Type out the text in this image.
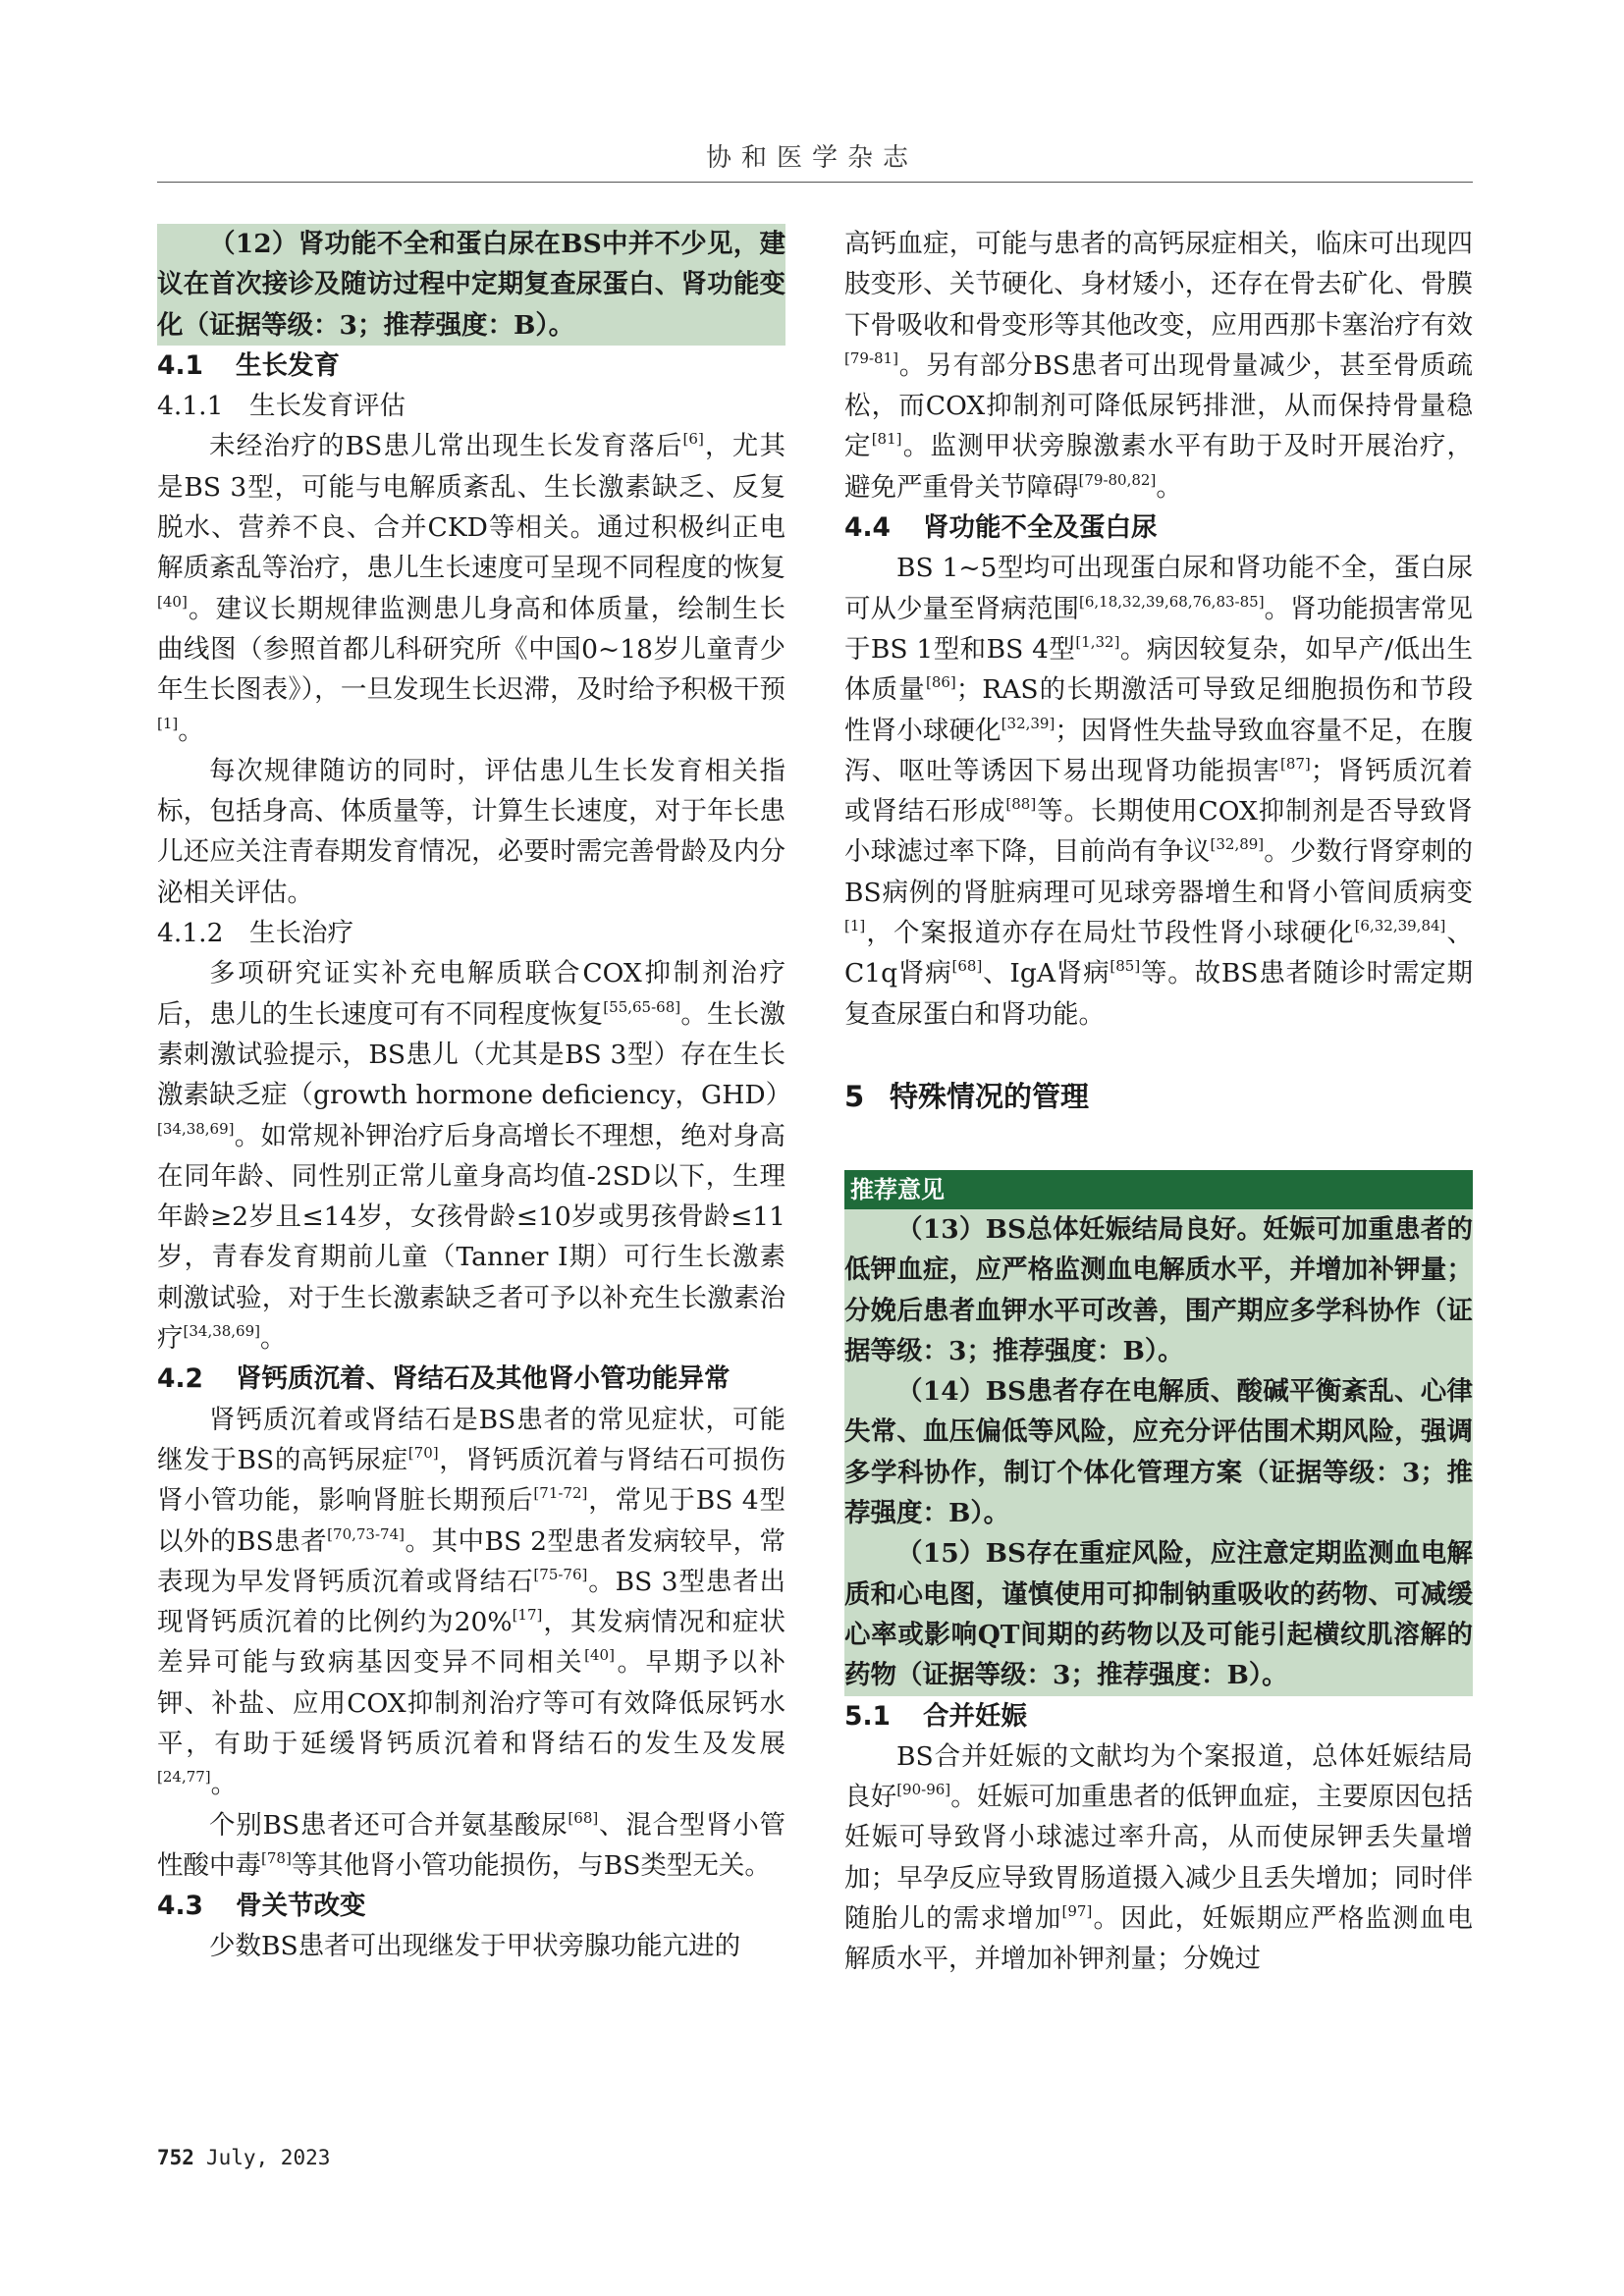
协和医学杂志

（12）肾功能不全和蛋白尿在BS中并不少见，建议在首次接诊及随访过程中定期复查尿蛋白、肾功能变化（证据等级：3；推荐强度：B）。

4.1 生长发育
4.1.1 生长发育评估

未经治疗的BS患儿常出现生长发育落后[6]，尤其是BS 3型，可能与电解质紊乱、生长激素缺乏、反复脱水、营养不良、合并CKD等相关。通过积极纠正电解质紊乱等治疗，患儿生长速度可呈现不同程度的恢复[40]。建议长期规律监测患儿身高和体质量，绘制生长曲线图（参照首都儿科研究所《中国0~18岁儿童青少年生长图表》），一旦发现生长迟滞，及时给予积极干预[1]。

每次规律随访的同时，评估患儿生长发育相关指标，包括身高、体质量等，计算生长速度，对于年长患儿还应关注青春期发育情况，必要时需完善骨龄及内分泌相关评估。

4.1.2 生长治疗

多项研究证实补充电解质联合COX抑制剂治疗后，患儿的生长速度可有不同程度恢复[55,65-68]。生长激素刺激试验提示，BS患儿（尤其是BS 3型）存在生长激素缺乏症（growth hormone deficiency，GHD）[34,38,69]。如常规补钾治疗后身高增长不理想，绝对身高在同年龄、同性别正常儿童身高均值-2SD以下，生理年龄≥2岁且≤14岁，女孩骨龄≤10岁或男孩骨龄≤11岁，青春发育期前儿童（Tanner Ⅰ期）可行生长激素刺激试验，对于生长激素缺乏者可予以补充生长激素治疗[34,38,69]。

4.2 肾钙质沉着、肾结石及其他肾小管功能异常

肾钙质沉着或肾结石是BS患者的常见症状，可能继发于BS的高钙尿症[70]，肾钙质沉着与肾结石可损伤肾小管功能，影响肾脏长期预后[71-72]，常见于BS 4型以外的BS患者[70,73-74]。其中BS 2型患者发病较早，常表现为早发肾钙质沉着或肾结石[75-76]。BS 3型患者出现肾钙质沉着的比例约为20%[17]，其发病情况和症状差异可能与致病基因变异不同相关[40]。早期予以补钾、补盐、应用COX抑制剂治疗等可有效降低尿钙水平，有助于延缓肾钙质沉着和肾结石的发生及发展[24,77]。

个别BS患者还可合并氨基酸尿[68]、混合型肾小管性酸中毒[78]等其他肾小管功能损伤，与BS类型无关。

4.3 骨关节改变

少数BS患者可出现继发于甲状旁腺功能亢进的

高钙血症，可能与患者的高钙尿症相关，临床可出现四肢变形、关节硬化、身材矮小，还存在骨去矿化、骨膜下骨吸收和骨变形等其他改变，应用西那卡塞治疗有效[79-81]。另有部分BS患者可出现骨量减少，甚至骨质疏松，而COX抑制剂可降低尿钙排泄，从而保持骨量稳定[81]。监测甲状旁腺激素水平有助于及时开展治疗，避免严重骨关节障碍[79-80,82]。

4.4 肾功能不全及蛋白尿

BS 1~5型均可出现蛋白尿和肾功能不全，蛋白尿可从少量至肾病范围[6,18,32,39,68,76,83-85]。肾功能损害常见于BS 1型和BS 4型[1,32]。病因较复杂，如早产/低出生体质量[86]；RAS的长期激活可导致足细胞损伤和节段性肾小球硬化[32,39]；因肾性失盐导致血容量不足，在腹泻、呕吐等诱因下易出现肾功能损害[87]；肾钙质沉着或肾结石形成[88]等。长期使用COX抑制剂是否导致肾小球滤过率下降，目前尚有争议[32,89]。少数行肾穿刺的BS病例的肾脏病理可见球旁器增生和肾小管间质病变[1]，个案报道亦存在局灶节段性肾小球硬化[6,32,39,84]、C1q肾病[68]、IgA肾病[85]等。故BS患者随诊时需定期复查尿蛋白和肾功能。

5 特殊情况的管理
推荐意见

（13）BS总体妊娠结局良好。妊娠可加重患者的低钾血症，应严格监测血电解质水平，并增加补钾量；分娩后患者血钾水平可改善，围产期应多学科协作（证据等级：3；推荐强度：B）。

（14）BS患者存在电解质、酸碱平衡紊乱、心律失常、血压偏低等风险，应充分评估围术期风险，强调多学科协作，制订个体化管理方案（证据等级：3；推荐强度：B）。

（15）BS存在重症风险，应注意定期监测血电解质和心电图，谨慎使用可抑制钠重吸收的药物、可减缓心率或影响QT间期的药物以及可能引起横纹肌溶解的药物（证据等级：3；推荐强度：B）。

5.1 合并妊娠

BS合并妊娠的文献均为个案报道，总体妊娠结局良好[90-96]。妊娠可加重患者的低钾血症，主要原因包括妊娠可导致肾小球滤过率升高，从而使尿钾丢失量增加；早孕反应导致胃肠道摄入减少且丢失增加；同时伴随胎儿的需求增加[97]。因此，妊娠期应严格监测血电解质水平，并增加补钾剂量；分娩过

752 July, 2023
